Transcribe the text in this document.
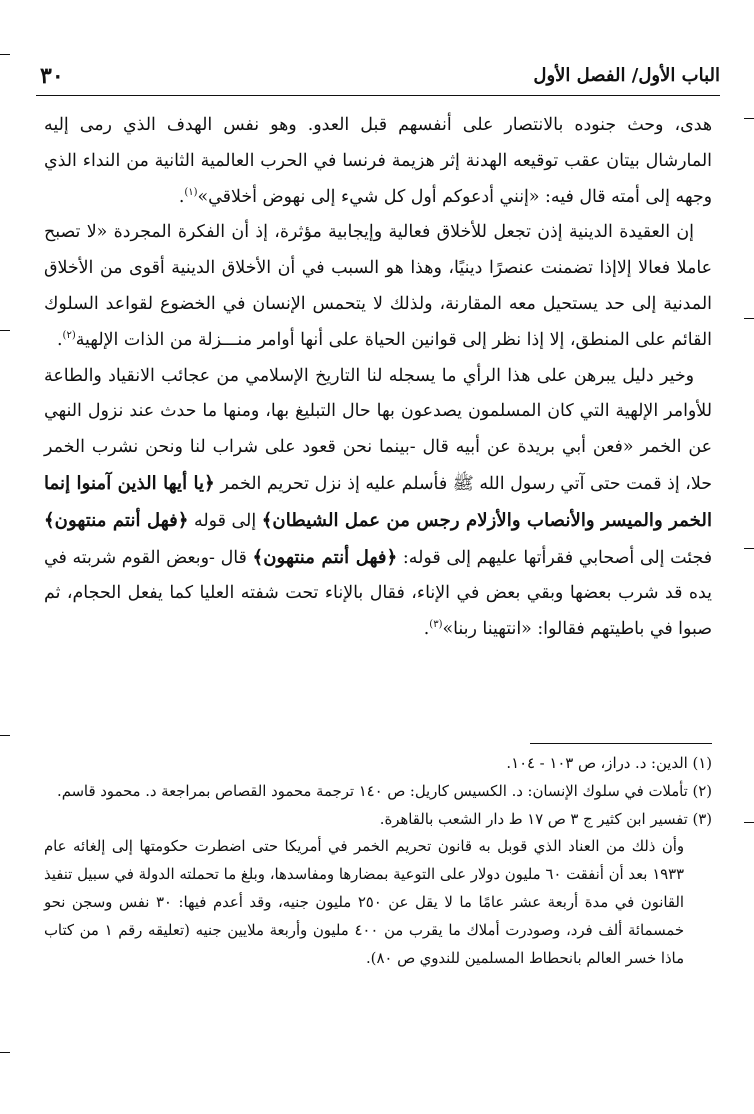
الباب الأول/ الفصل الأول
٣٠

هدى، وحث جنوده بالانتصار على أنفسهم قبل العدو. وهو نفس الهدف الذي رمى إليه المارشال بيتان عقب توقيعه الهدنة إثر هزيمة فرنسا في الحرب العالمية الثانية من النداء الذي وجهه إلى أمته قال فيه: «إنني أدعوكم أول كل شيء إلى نهوض أخلاقي»$^{(١)}$.

إن العقيدة الدينية إذن تجعل للأخلاق فعالية وإيجابية مؤثرة، إذ أن الفكرة المجردة «لا تصبح عاملا فعالا إلاإذا تضمنت عنصرًا دينيًا، وهذا هو السبب في أن الأخلاق الدينية أقوى من الأخلاق المدنية إلى حد يستحيل معه المقارنة، ولذلك لا يتحمس الإنسان في الخضوع لقواعد السلوك القائم على المنطق، إلا إذا نظر إلى قوانين الحياة على أنها أوامر منـــزلة من الذات الإلهية$^{(٢)}$.

وخير دليل يبرهن على هذا الرأي ما يسجله لنا التاريخ الإسلامي من عجائب الانقياد والطاعة للأوامر الإلهية التي كان المسلمون يصدعون بها حال التبليغ بها، ومنها ما حدث عند نزول النهي عن الخمر «فعن أبي بريدة عن أبيه قال -بينما نحن قعود على شراب لنا ونحن نشرب الخمر حلا، إذ قمت حتى آتي رسول الله ﷺ فأسلم عليه إذ نزل تحريم الخمر ﴿يا أيها الذين آمنوا إنما الخمر والميسر والأنصاب والأزلام رجس من عمل الشيطان﴾ إلى قوله ﴿فهل أنتم منتهون﴾ فجئت إلى أصحابي فقرأتها عليهم إلى قوله: ﴿فهل أنتم منتهون﴾ قال -وبعض القوم شربته في يده قد شرب بعضها وبقي بعض في الإناء، فقال بالإناء تحت شفته العليا كما يفعل الحجام، ثم صبوا في باطيتهم فقالوا: «انتهينا ربنا»$^{(٣)}$.

(١) الدين: د. دراز، ص ١٠٣ - ١٠٤.

(٢) تأملات في سلوك الإنسان: د. الكسيس كاريل: ص ١٤٠ ترجمة محمود القصاص بمراجعة د. محمود قاسم.

(٣) تفسير ابن كثير ج ٣ ص ١٧ ط دار الشعب بالقاهرة.

وأن ذلك من العناد الذي قوبل به قانون تحريم الخمر في أمريكا حتى اضطرت حكومتها إلى إلغائه عام ١٩٣٣ بعد أن أنفقت ٦٠ مليون دولار على التوعية بمضارها ومفاسدها، وبلغ ما تحملته الدولة في سبيل تنفيذ القانون في مدة أربعة عشر عامًا ما لا يقل عن ٢٥٠ مليون جنيه، وقد أعدم فيها: ٣٠ نفس وسجن نحو خمسمائة ألف فرد، وصودرت أملاك ما يقرب من ٤٠٠ مليون وأربعة ملايين جنيه (تعليقه رقم ١ من كتاب ماذا خسر العالم بانحطاط المسلمين للندوي ص ٨٠).
